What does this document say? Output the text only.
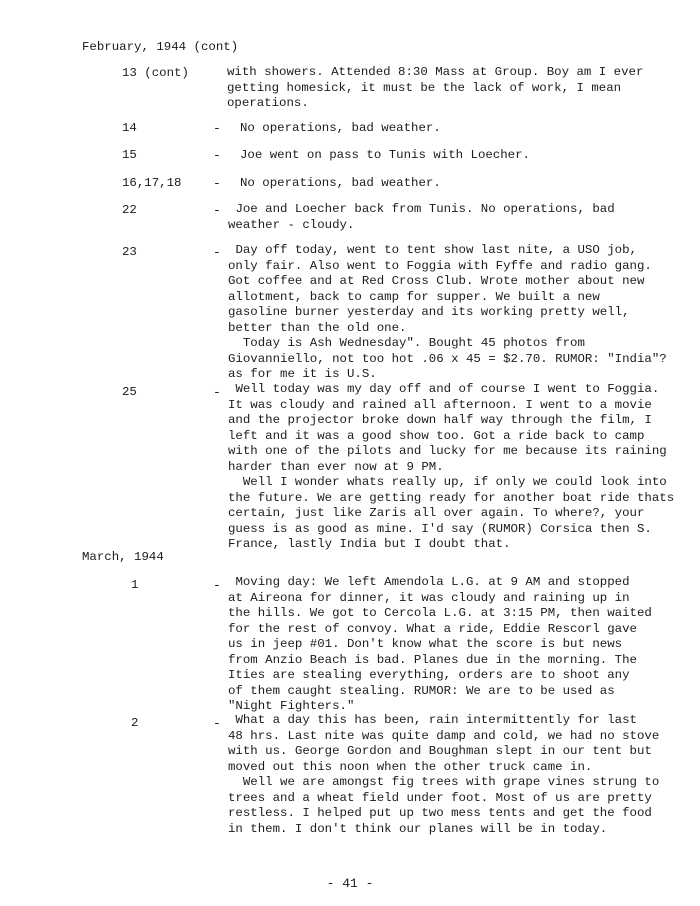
February, 1944 (cont)
13 (cont)	with showers. Attended 8:30 Mass at Group. Boy am I ever
getting homesick, it must be the lack of work, I mean
operations.
14	- No operations, bad weather.
15	- Joe went on pass to Tunis with Loecher.
16,17,18 - No operations, bad weather.
22	-	Joe and Loecher back from Tunis. No operations, bad
weather - cloudy.
23	-	Day off today, went to tent show last nite, a USO job,
only fair. Also went to Foggia with Fyffe and radio gang.
Got coffee and at Red Cross Club. Wrote mother about new
allotment, back to camp for supper. We built a new
gasoline burner yesterday and its working pretty well,
better than the old one.
Today is Ash Wednesday". Bought 45 photos from
Giovanniello, not too hot .06 x 45 = $2.70. RUMOR: "India"?
as for me it is U.S.
25	-	Well today was my day off and of course I went to Foggia.
It was cloudy and rained all afternoon. I went to a movie
and the projector broke down half way through the film, I
left and it was a good show too. Got a ride back to camp
with one of the pilots and lucky for me because its raining
harder than ever now at 9 PM.
Well I wonder whats really up, if only we could look into
the future. We are getting ready for another boat ride thats
certain, just like Zaris all over again. To where?, your
guess is as good as mine. I'd say (RUMOR) Corsica then S.
France, lastly India but I doubt that.
March, 1944
1	-	Moving day: We left Amendola L.G. at 9 AM and stopped
at Aireona for dinner, it was cloudy and raining up in
the hills. We got to Cercola L.G. at 3:15 PM, then waited
for the rest of convoy. What a ride, Eddie Rescorl gave
us in jeep #01. Don't know what the score is but news
from Anzio Beach is bad. Planes due in the morning. The
Ities are stealing everything, orders are to shoot any
of them caught stealing. RUMOR: We are to be used as
"Night Fighters."
2	-	What a day this has been, rain intermittently for last
48 hrs. Last nite was quite damp and cold, we had no stove
with us. George Gordon and Boughman slept in our tent but
moved out this noon when the other truck came in.
Well we are amongst fig trees with grape vines strung to
trees and a wheat field under foot. Most of us are pretty
restless. I helped put up two mess tents and get the food
in them. I don't think our planes will be in today.
- 41 -
